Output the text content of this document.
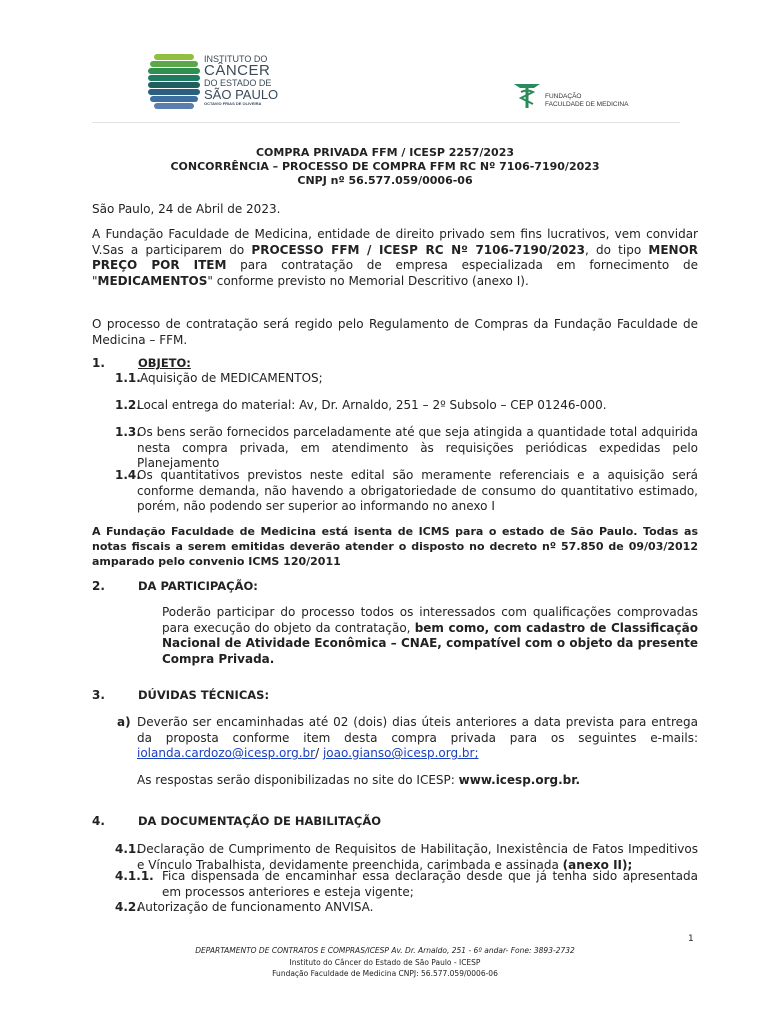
INSTITUTO DO
CÂNCER
DO ESTADO DE
SÃO PAULO
OCTAVIO FRIAS DE OLIVEIRA
FUNDAÇÃO
FACULDADE DE MEDICINA
COMPRA PRIVADA FFM / ICESP 2257/2023
CONCORRÊNCIA – PROCESSO DE COMPRA FFM RC Nº 7106-7190/2023
CNPJ nº 56.577.059/0006-06
São Paulo, 24 de Abril de 2023.
A Fundação Faculdade de Medicina, entidade de direito privado sem fins lucrativos, vem convidar V.Sas a participarem do PROCESSO FFM / ICESP RC Nº 7106-7190/2023, do tipo MENOR PREÇO POR ITEM para contratação de empresa especializada em fornecimento de "MEDICAMENTOS" conforme previsto no Memorial Descritivo (anexo I).
O processo de contratação será regido pelo Regulamento de Compras da Fundação Faculdade de Medicina – FFM.
1.	OBJETO:
1.1. Aquisição de MEDICAMENTOS;
1.2.
Local entrega do material: Av, Dr. Arnaldo, 251 – 2º Subsolo – CEP 01246-000.
1.3.
Os bens serão fornecidos parceladamente até que seja atingida a quantidade total adquirida nesta compra privada, em atendimento às requisições periódicas expedidas pelo Planejamento
1.4.
Os quantitativos previstos neste edital são meramente referenciais e a aquisição será conforme demanda, não havendo a obrigatoriedade de consumo do quantitativo estimado, porém, não podendo ser superior ao informando no anexo I
A Fundação Faculdade de Medicina está isenta de ICMS para o estado de São Paulo. Todas as notas fiscais a serem emitidas deverão atender o disposto no decreto nº 57.850 de 09/03/2012 amparado pelo convenio ICMS 120/2011
2.	DA PARTICIPAÇÃO:
Poderão participar do processo todos os interessados com qualificações comprovadas para execução do objeto da contratação, bem como, com cadastro de Classificação Nacional de Atividade Econômica – CNAE, compatível com o objeto da presente Compra Privada.
3.	DÚVIDAS TÉCNICAS:
a) Deverão ser encaminhadas até 02 (dois) dias úteis anteriores a data prevista para entrega da proposta conforme item desta compra privada para os seguintes e-mails: iolanda.cardozo@icesp.org.br/ joao.gianso@icesp.org.br;
As respostas serão disponibilizadas no site do ICESP: www.icesp.org.br.
4.	DA DOCUMENTAÇÃO DE HABILITAÇÃO
4.1.
Declaração de Cumprimento de Requisitos de Habilitação, Inexistência de Fatos Impeditivos e Vínculo Trabalhista, devidamente preenchida, carimbada e assinada (anexo II);
4.1.1. Fica dispensada de encaminhar essa declaração desde que já tenha sido apresentada em processos anteriores e esteja vigente;
4.2.
Autorização de funcionamento ANVISA.
1
DEPARTAMENTO DE CONTRATOS E COMPRAS/ICESP Av. Dr. Arnaldo, 251 - 6º andar- Fone: 3893-2732
Instituto do Câncer do Estado de São Paulo - ICESP
Fundação Faculdade de Medicina CNPJ: 56.577.059/0006-06
